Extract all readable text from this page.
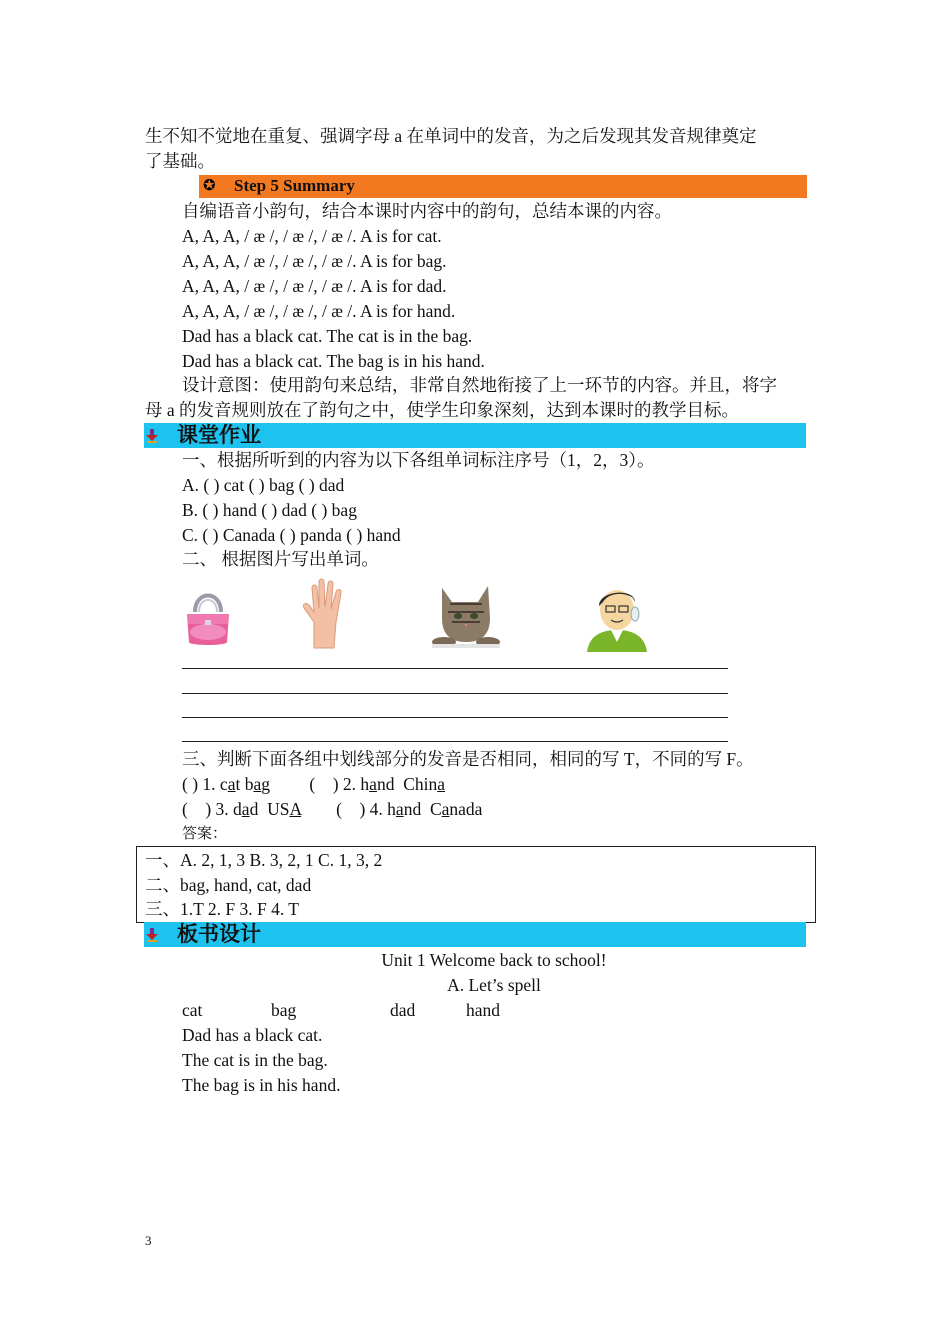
生不知不觉地在重复、强调字母 a 在单词中的发音，为之后发现其发音规律奠定
了基础。
✪ Step 5 Summary
自编语音小韵句，结合本课时内容中的韵句，总结本课的内容。
A, A, A, / æ /, / æ /, / æ /. A is for cat.
A, A, A, / æ /, / æ /, / æ /. A is for bag.
A, A, A, / æ /, / æ /, / æ /. A is for dad.
A, A, A, / æ /, / æ /, / æ /. A is for hand.
Dad has a black cat. The cat is in the bag.
Dad has a black cat. The bag is in his hand.
设计意图：使用韵句来总结，非常自然地衔接了上一环节的内容。并且，将字
母 a 的发音规则放在了韵句之中，使学生印象深刻，达到本课时的教学目标。
课堂作业
一、根据所听到的内容为以下各组单词标注序号（1，2，3）。
A. ( ) cat ( ) bag ( ) dad
B. ( ) hand ( ) dad ( ) bag
C. ( ) Canada ( ) panda ( ) hand
二、 根据图片写出单词。
三、判断下面各组中划线部分的发音是否相同，相同的写 T，不同的写 F。
( ) 1. cat bag         (    ) 2. hand  China
(    ) 3. dad  USA        (    ) 4. hand  Canada
答案：
一、A. 2, 1, 3 B. 3, 2, 1 C. 1, 3, 2
二、bag, hand, cat, dad
三、1.T 2. F 3. F 4. T
板书设计
Unit 1 Welcome back to school!
A. Let’s spell
cat	bag	dad	hand
Dad has a black cat.
The cat is in the bag.
The bag is in his hand.
3
